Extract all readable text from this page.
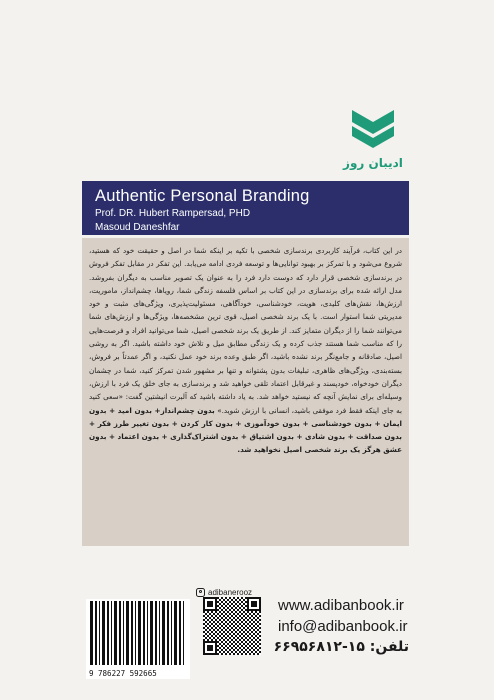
ادیبان روز
Authentic Personal Branding
Prof. DR. Hubert Rampersad, PHD
Masoud Daneshfar
در این کتاب، فرآیند کاربردی برندسازی شخصی با تکیه بر اینکه شما در اصل و حقیقت خود که هستید، شروع می‌شود و با تمرکز بر بهبود توانایی‌ها و توسعه فردی ادامه می‌یابد. این تفکر در مقابل تفکر فروش در برندسازی شخصی قرار دارد که دوست دارد فرد را به عنوان یک تصویر مناسب به دیگران بفروشد. مدل ارائه شده برای برندسازی در این کتاب بر اساس فلسفه زندگی شما، رویاها، چشم‌انداز، ماموریت، ارزش‌ها، نقش‌های کلیدی، هویت، خودشناسی، خودآگاهی، مسئولیت‌پذیری، ویژگی‌های مثبت و خود مدیریتی شما استوار است. با یک برند شخصی اصیل، قوی ترین مشخصه‌ها، ویژگی‌ها و ارزش‌های شما می‌توانند شما را از دیگران متمایز کند. از طریق یک برند شخصی اصیل، شما می‌توانید افراد و فرصت‌هایی را که مناسب شما هستند جذب کرده و یک زندگی مطابق میل و تلاش خود داشته باشید. اگر به روشی اصیل، صادقانه و جامع‌نگر برند نشده باشید، اگر طبق وعده برند خود عمل نکنید، و اگر عمدتاً بر فروش، بسته‌بندی، ویژگی‌های ظاهری، تبلیغات بدون پشتوانه و تنها بر مشهور شدن تمرکز کنید، شما در چشمان دیگران خودخواه، خودپسند و غیرقابل اعتماد تلقی خواهید شد و برندسازی به جای خلق یک فرد با ارزش، وسیله‌ای برای نمایش آنچه که نیستید خواهد شد. به یاد داشته باشید که آلبرت انیشتین گفت: «سعی کنید به جای اینکه فقط فرد موفقی باشید، انسانی با ارزش شوید.» بدون چشم‌انداز+ بدون امید + بدون ایمان + بدون خودشناسی + بدون خودآموزی + بدون کار کردن + بدون تغییر طرز فکر + بدون صداقت + بدون شادی + بدون اشتیاق + بدون اشتراک‌گذاری + بدون اعتماد + بدون عشق هرگز یک برند شخصی اصیل نخواهید شد.
adibanerooz
9 786227 592665
www.adibanbook.ir
info@adibanbook.ir
تلفن: ۱۵-۶۶۹۵۶۸۱۲
